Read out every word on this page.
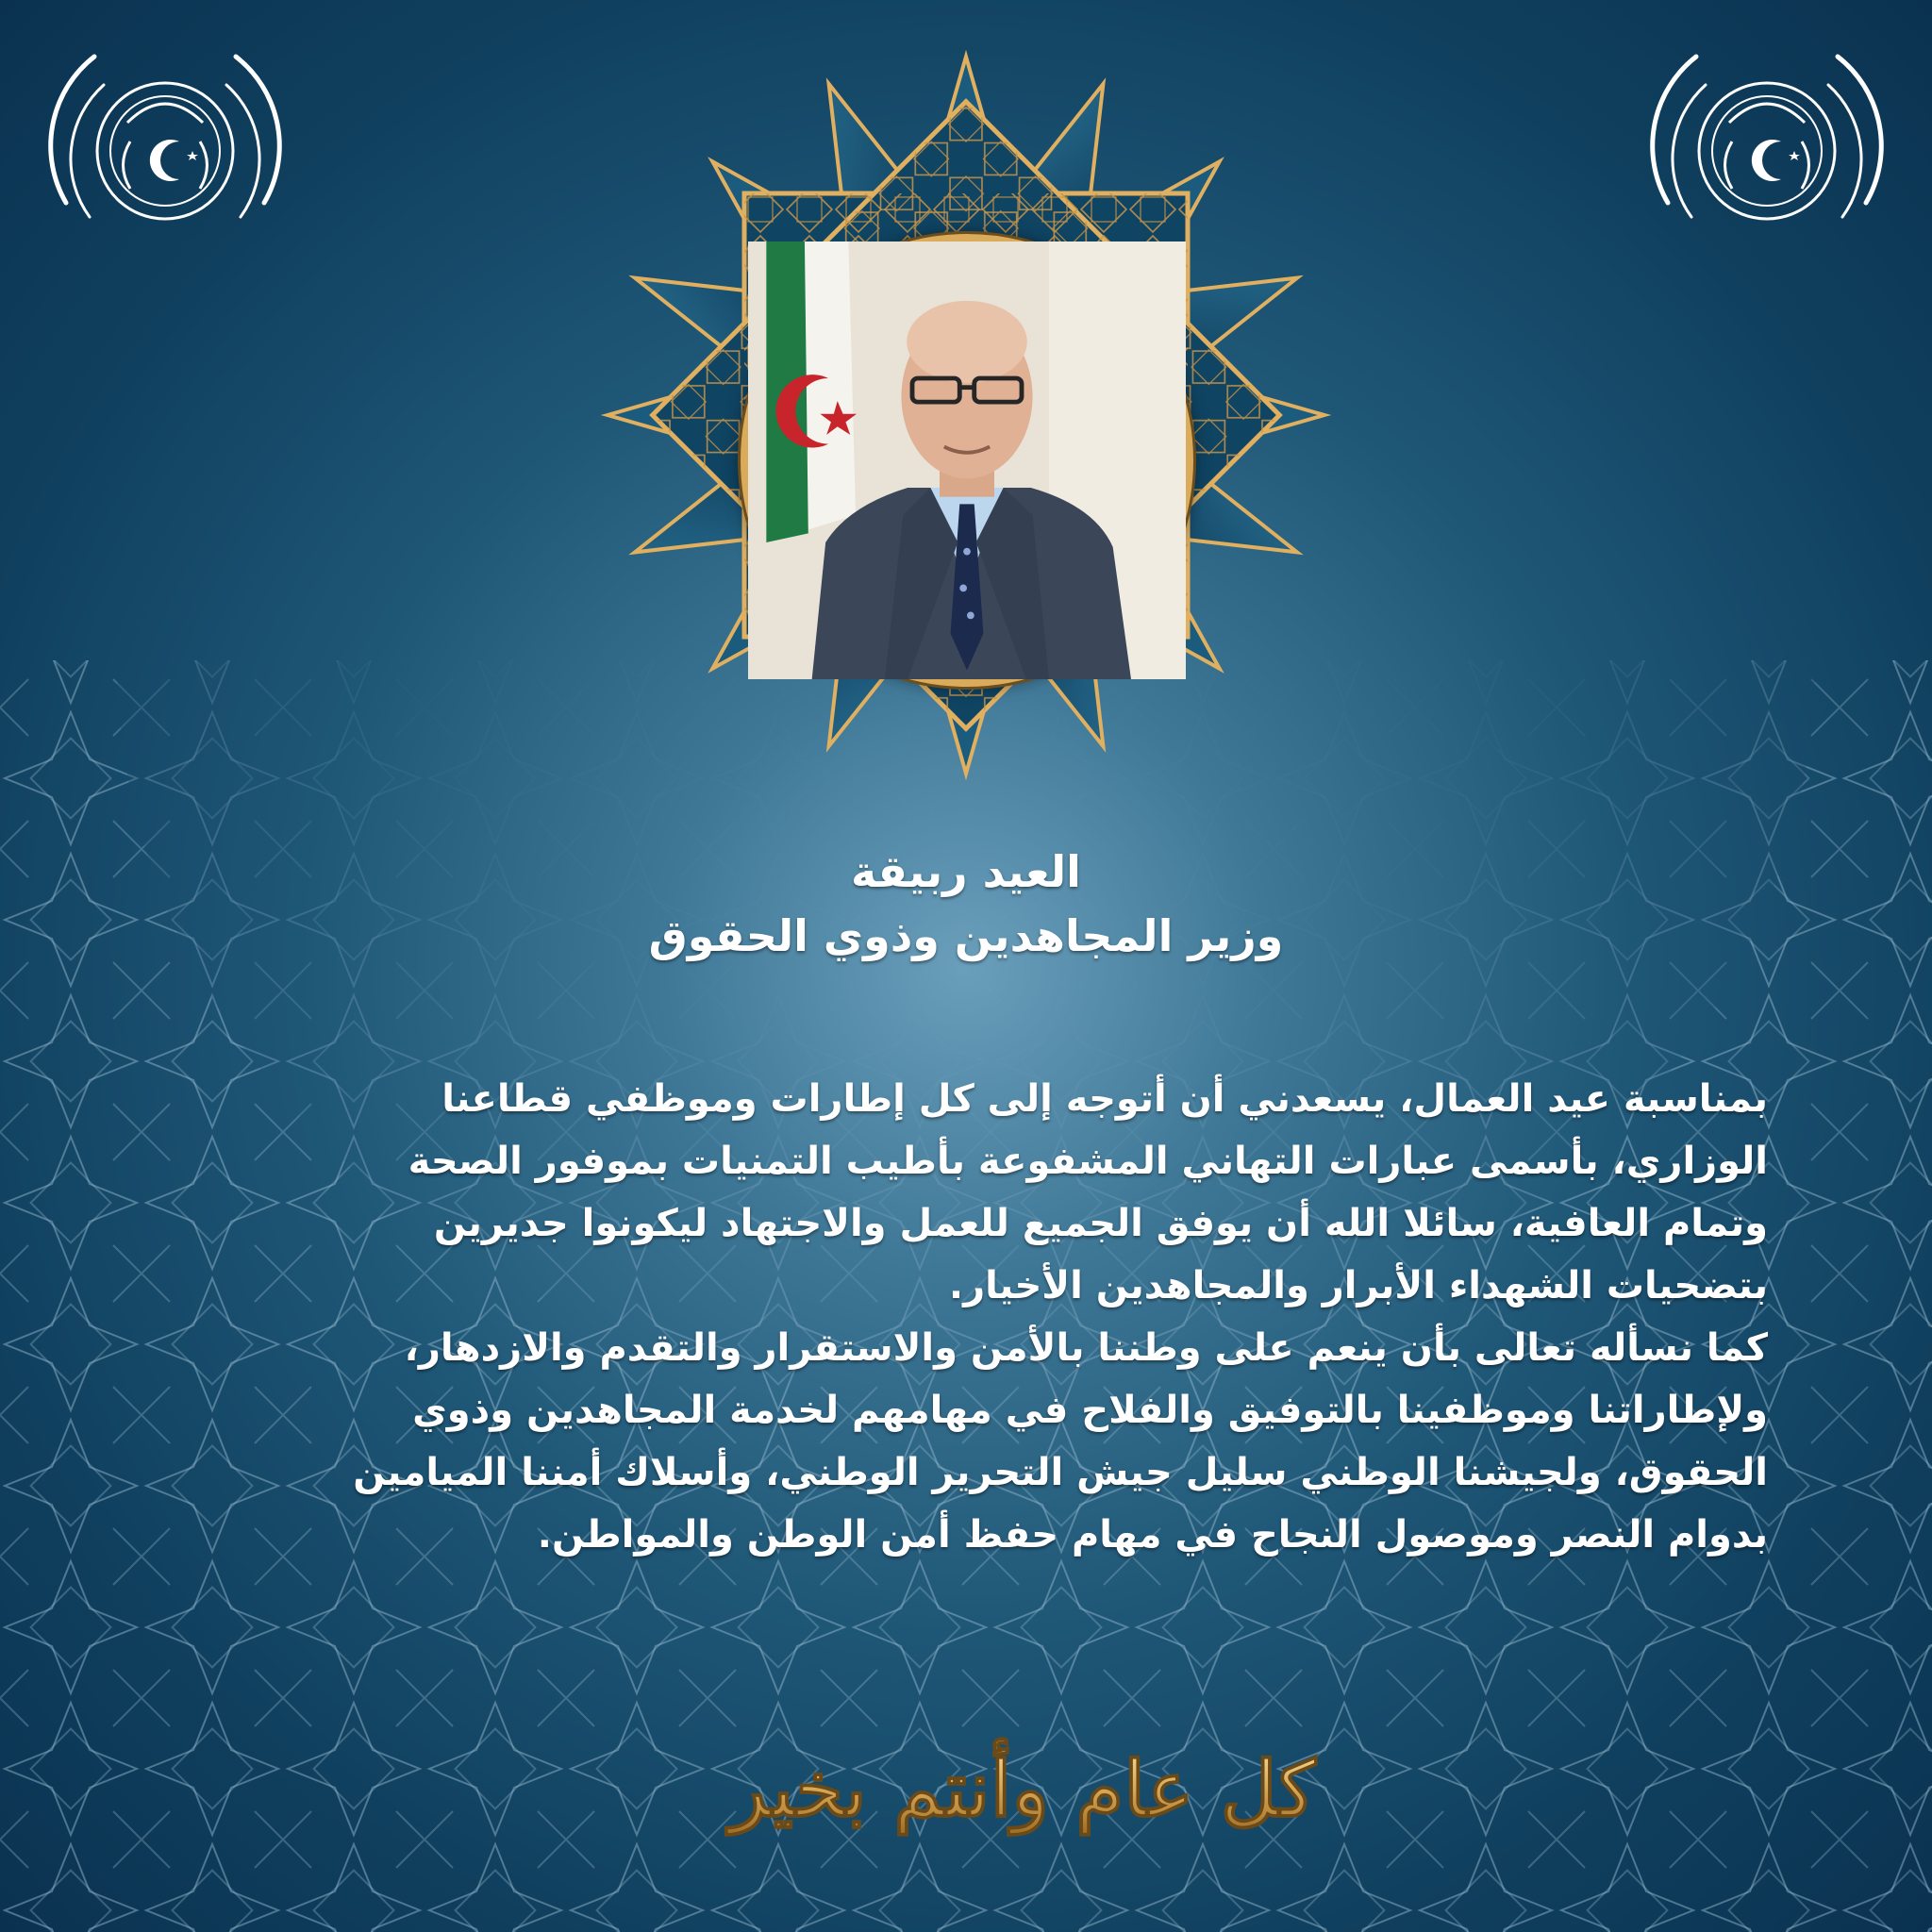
العيد ربيقة
وزير المجاهدين وذوي الحقوق
بمناسبة عيد العمال، يسعدني أن أتوجه إلى كل إطارات وموظفي قطاعنا
الوزاري، بأسمى عبارات التهاني المشفوعة بأطيب التمنيات بموفور الصحة
وتمام العافية، سائلا الله أن يوفق الجميع للعمل والاجتهاد ليكونوا جديرين
بتضحيات الشهداء الأبرار والمجاهدين الأخيار.
كما نسأله تعالى بأن ينعم على وطننا بالأمن والاستقرار والتقدم والازدهار،
ولإطاراتنا وموظفينا بالتوفيق والفلاح في مهامهم لخدمة المجاهدين وذوي
الحقوق، ولجيشنا الوطني سليل جيش التحرير الوطني، وأسلاك أمننا الميامين
بدوام النصر وموصول النجاح في مهام حفظ أمن الوطن والمواطن.
كل عام وأنتم بخير
